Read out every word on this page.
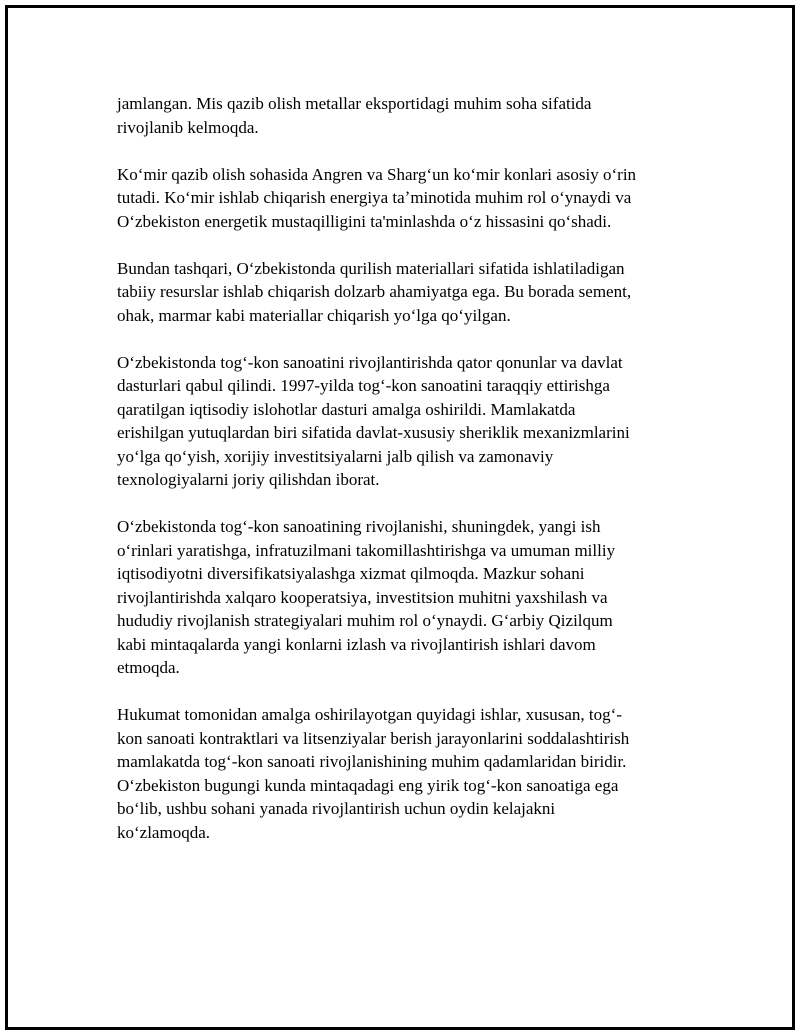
jamlangan. Mis qazib olish metallar eksportidagi muhim soha sifatida
rivojlanib kelmoqda.

Koʻmir qazib olish sohasida Angren va Shargʻun koʻmir konlari asosiy oʻrin
tutadi. Koʻmir ishlab chiqarish energiya taʼminotida muhim rol oʻynaydi va
Oʻzbekiston energetik mustaqilligini ta'minlashda oʻz hissasini qoʻshadi.

Bundan tashqari, Oʻzbekistonda qurilish materiallari sifatida ishlatiladigan
tabiiy resurslar ishlab chiqarish dolzarb ahamiyatga ega. Bu borada sement,
ohak, marmar kabi materiallar chiqarish yoʻlga qoʻyilgan.

Oʻzbekistonda togʻ-kon sanoatini rivojlantirishda qator qonunlar va davlat
dasturlari qabul qilindi. 1997-yilda togʻ-kon sanoatini taraqqiy ettirishga
qaratilgan iqtisodiy islohotlar dasturi amalga oshirildi. Mamlakatda
erishilgan yutuqlardan biri sifatida davlat-xususiy sheriklik mexanizmlarini
yoʻlga qoʻyish, xorijiy investitsiyalarni jalb qilish va zamonaviy
texnologiyalarni joriy qilishdan iborat.

Oʻzbekistonda togʻ-kon sanoatining rivojlanishi, shuningdek, yangi ish
oʻrinlari yaratishga, infratuzilmani takomillashtirishga va umuman milliy
iqtisodiyotni diversifikatsiyalashga xizmat qilmoqda. Mazkur sohani
rivojlantirishda xalqaro kooperatsiya, investitsion muhitni yaxshilash va
hududiy rivojlanish strategiyalari muhim rol oʻynaydi. Gʻarbiy Qizilqum
kabi mintaqalarda yangi konlarni izlash va rivojlantirish ishlari davom
etmoqda.

Hukumat tomonidan amalga oshirilayotgan quyidagi ishlar, xususan, togʻ-
kon sanoati kontraktlari va litsenziyalar berish jarayonlarini soddalashtirish
mamlakatda togʻ-kon sanoati rivojlanishining muhim qadamlaridan biridir.
Oʻzbekiston bugungi kunda mintaqadagi eng yirik togʻ-kon sanoatiga ega
boʻlib, ushbu sohani yanada rivojlantirish uchun oydin kelajakni
koʻzlamoqda.
